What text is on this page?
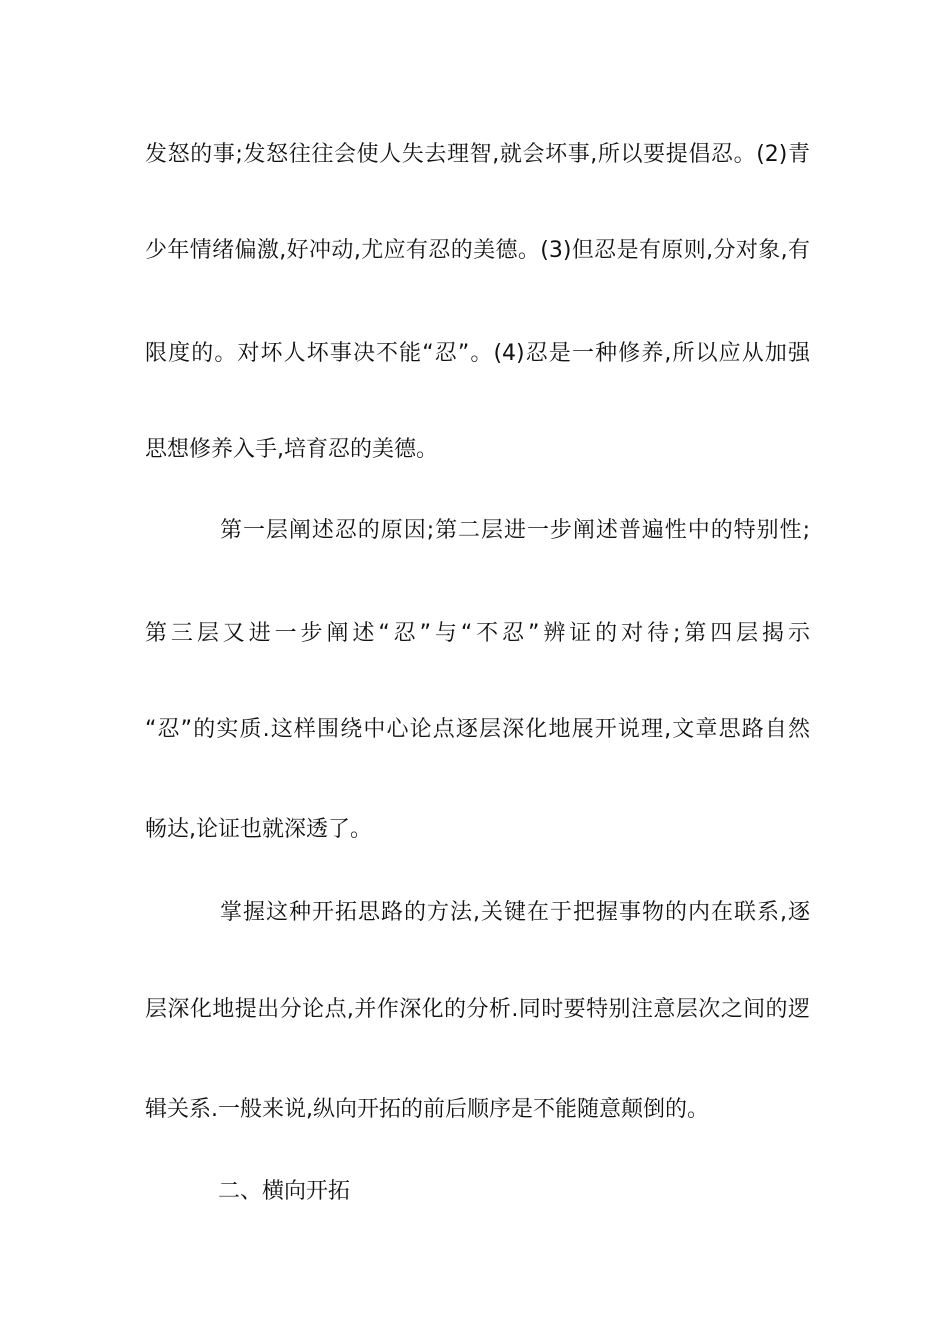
发怒的事;发怒往往会使人失去理智,就会坏事,所以要提倡忍。(2)青
少年情绪偏激,好冲动,尤应有忍的美德。(3)但忍是有原则,分对象,有
限度的。对坏人坏事决不能“忍”。(4)忍是一种修养,所以应从加强
思想修养入手,培育忍的美德。
第一层阐述忍的原因;第二层进一步阐述普遍性中的特别性;
第三层又进一步阐述“忍”与“不忍”辨证的对待;第四层揭示
“忍”的实质.这样围绕中心论点逐层深化地展开说理,文章思路自然
畅达,论证也就深透了。
掌握这种开拓思路的方法,关键在于把握事物的内在联系,逐
层深化地提出分论点,并作深化的分析.同时要特别注意层次之间的逻
辑关系.一般来说,纵向开拓的前后顺序是不能随意颠倒的。
二、横向开拓
